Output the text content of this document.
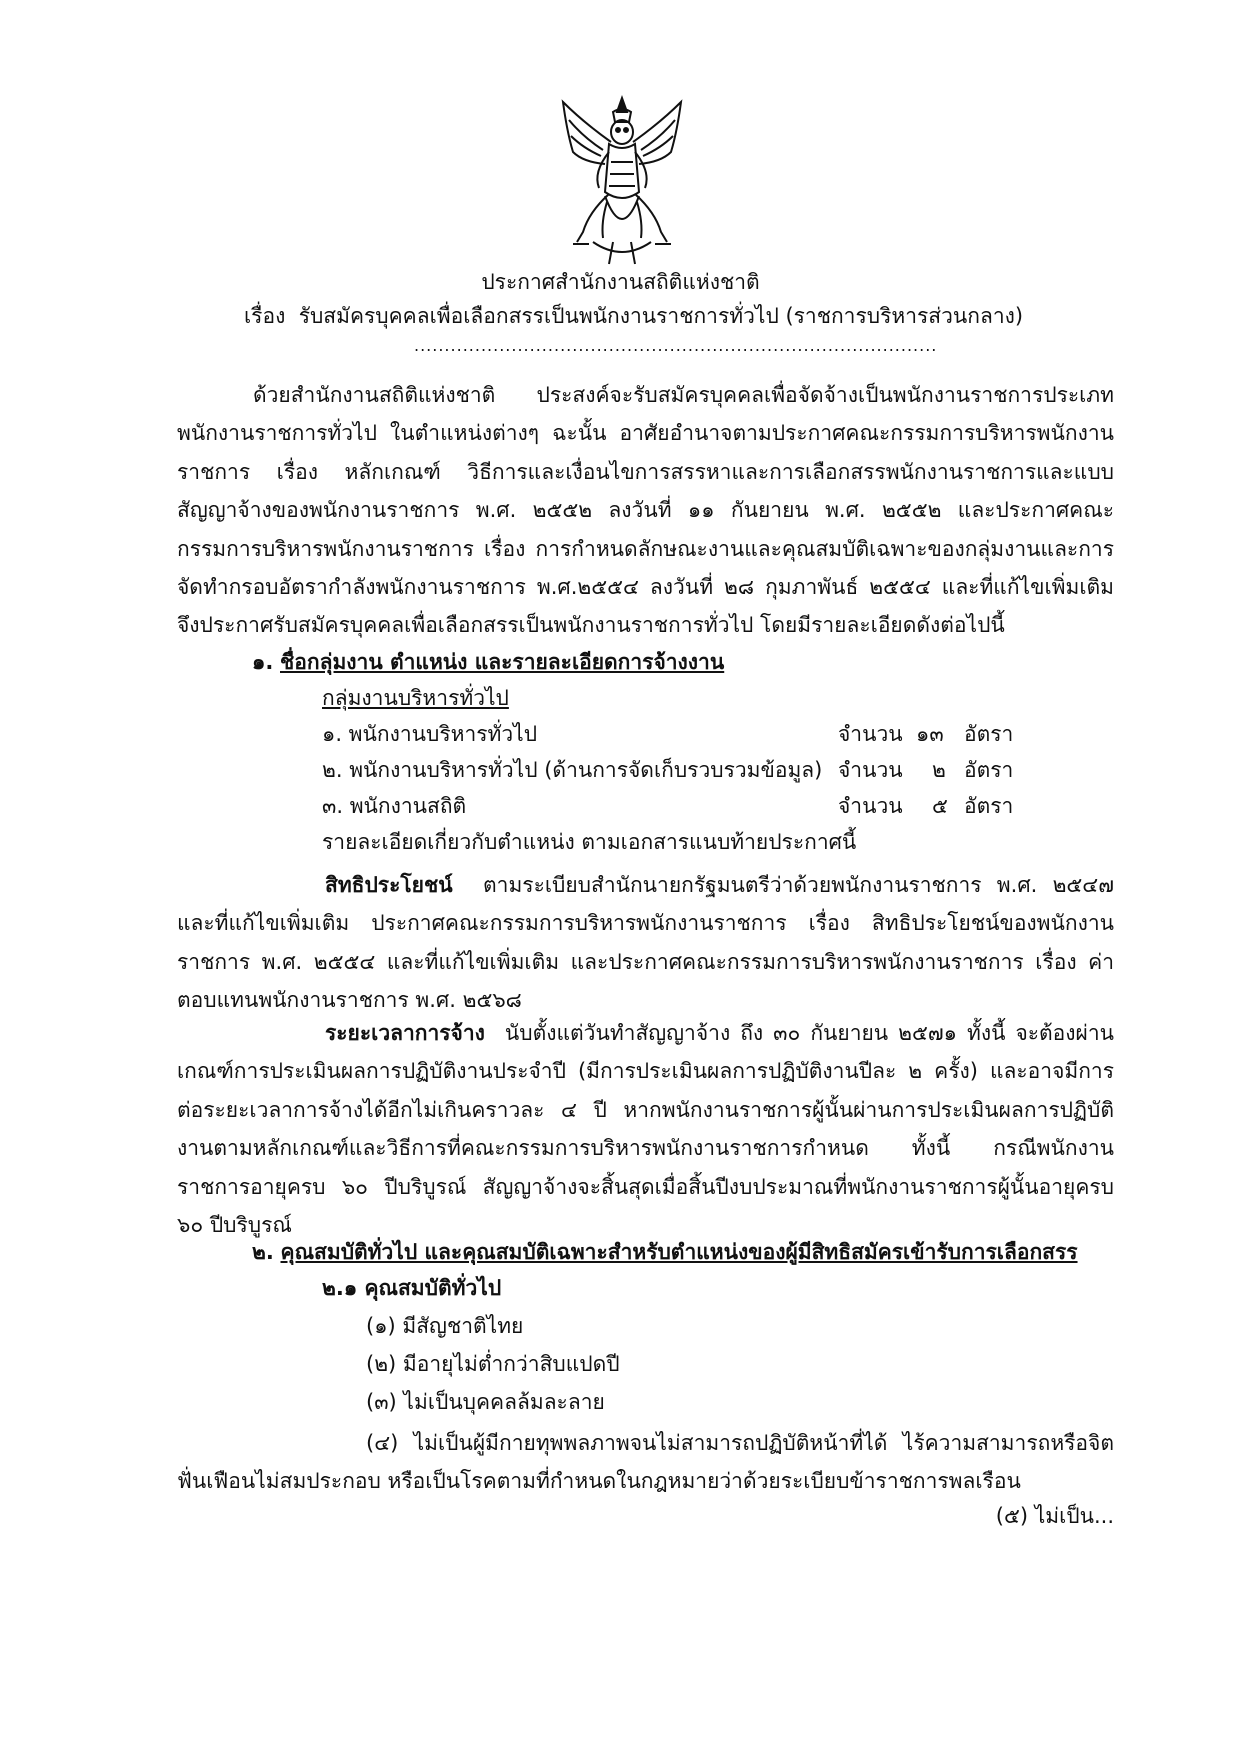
ประกาศสำนักงานสถิติแห่งชาติ
เรื่อง รับสมัครบุคคลเพื่อเลือกสรรเป็นพนักงานราชการทั่วไป (ราชการบริหารส่วนกลาง)
......................................................................................

ด้วยสำนักงานสถิติแห่งชาติ ประสงค์จะรับสมัครบุคคลเพื่อจัดจ้างเป็นพนักงานราชการประเภทพนักงานราชการทั่วไป ในตำแหน่งต่างๆ ฉะนั้น อาศัยอำนาจตามประกาศคณะกรรมการบริหารพนักงานราชการ เรื่อง หลักเกณฑ์ วิธีการและเงื่อนไขการสรรหาและการเลือกสรรพนักงานราชการและแบบสัญญาจ้างของพนักงานราชการ พ.ศ. ๒๕๕๒ ลงวันที่ ๑๑ กันยายน พ.ศ. ๒๕๕๒ และประกาศคณะกรรมการบริหารพนักงานราชการ เรื่อง การกำหนดลักษณะงานและคุณสมบัติเฉพาะของกลุ่มงานและการจัดทำกรอบอัตรากำลังพนักงานราชการ พ.ศ.๒๕๕๔ ลงวันที่ ๒๘ กุมภาพันธ์ ๒๕๕๔ และที่แก้ไขเพิ่มเติม จึงประกาศรับสมัครบุคคลเพื่อเลือกสรรเป็นพนักงานราชการทั่วไป โดยมีรายละเอียดดังต่อไปนี้

๑. ชื่อกลุ่มงาน ตำแหน่ง และรายละเอียดการจ้างงาน
กลุ่มงานบริหารทั่วไป
๑. พนักงานบริหารทั่วไป	จำนวน ๑๓ อัตรา
๒. พนักงานบริหารทั่วไป (ด้านการจัดเก็บรวบรวมข้อมูล) จำนวน ๒ อัตรา
๓. พนักงานสถิติ	จำนวน ๕ อัตรา
รายละเอียดเกี่ยวกับตำแหน่ง ตามเอกสารแนบท้ายประกาศนี้

สิทธิประโยชน์ ตามระเบียบสำนักนายกรัฐมนตรีว่าด้วยพนักงานราชการ พ.ศ. ๒๕๔๗ และที่แก้ไขเพิ่มเติม ประกาศคณะกรรมการบริหารพนักงานราชการ เรื่อง สิทธิประโยชน์ของพนักงานราชการ พ.ศ. ๒๕๕๔ และที่แก้ไขเพิ่มเติม และประกาศคณะกรรมการบริหารพนักงานราชการ เรื่อง ค่าตอบแทนพนักงานราชการ พ.ศ. ๒๕๖๘

ระยะเวลาการจ้าง นับตั้งแต่วันทำสัญญาจ้าง ถึง ๓๐ กันยายน ๒๕๗๑ ทั้งนี้ จะต้องผ่านเกณฑ์การประเมินผลการปฏิบัติงานประจำปี (มีการประเมินผลการปฏิบัติงานปีละ ๒ ครั้ง) และอาจมีการต่อระยะเวลาการจ้างได้อีกไม่เกินคราวละ ๔ ปี หากพนักงานราชการผู้นั้นผ่านการประเมินผลการปฏิบัติงานตามหลักเกณฑ์และวิธีการที่คณะกรรมการบริหารพนักงานราชการกำหนด ทั้งนี้ กรณีพนักงานราชการอายุครบ ๖๐ ปีบริบูรณ์ สัญญาจ้างจะสิ้นสุดเมื่อสิ้นปีงบประมาณที่พนักงานราชการผู้นั้นอายุครบ ๖๐ ปีบริบูรณ์

๒. คุณสมบัติทั่วไป และคุณสมบัติเฉพาะสำหรับตำแหน่งของผู้มีสิทธิสมัครเข้ารับการเลือกสรร
๒.๑ คุณสมบัติทั่วไป
(๑) มีสัญชาติไทย
(๒) มีอายุไม่ต่ำกว่าสิบแปดปี
(๓) ไม่เป็นบุคคลล้มละลาย

(๔) ไม่เป็นผู้มีกายทุพพลภาพจนไม่สามารถปฏิบัติหน้าที่ได้ ไร้ความสามารถหรือจิตฟั่นเฟือนไม่สมประกอบ หรือเป็นโรคตามที่กำหนดในกฎหมายว่าด้วยระเบียบข้าราชการพลเรือน

(๕) ไม่เป็น...
